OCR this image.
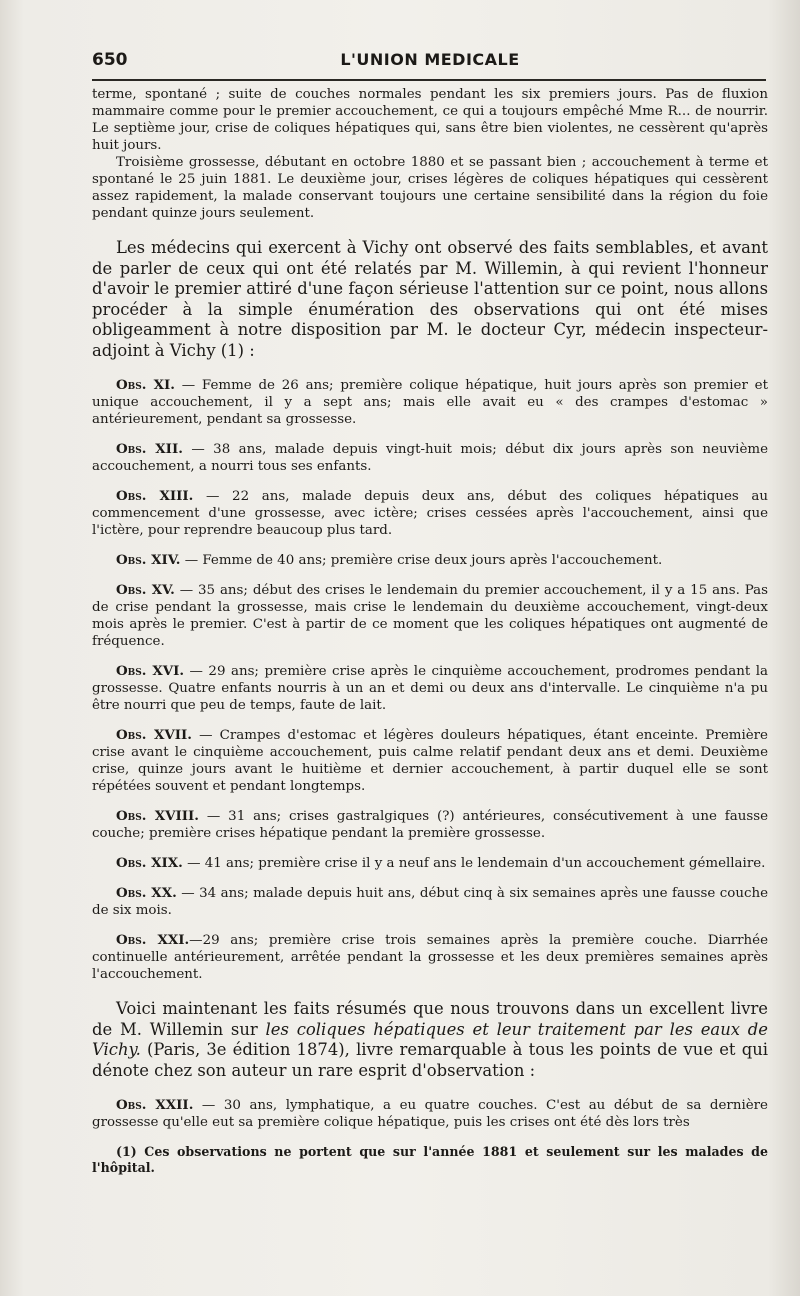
650	L'UNION MEDICALE

terme, spontané ; suite de couches normales pendant les six premiers jours. Pas de fluxion mammaire comme pour le premier accouchement, ce qui a toujours empêché Mme R... de nourrir. Le septième jour, crise de coliques hépatiques qui, sans être bien violentes, ne cessèrent qu'après huit jours.

Troisième grossesse, débutant en octobre 1880 et se passant bien ; accouchement à terme et spontané le 25 juin 1881. Le deuxième jour, crises légères de coliques hépatiques qui cessèrent assez rapidement, la malade conservant toujours une certaine sensibilité dans la région du foie pendant quinze jours seulement.

Les médecins qui exercent à Vichy ont observé des faits semblables, et avant de parler de ceux qui ont été relatés par M. Willemin, à qui revient l'honneur d'avoir le premier attiré d'une façon sérieuse l'attention sur ce point, nous allons procéder à la simple énumération des observations qui ont été mises obligeamment à notre disposition par M. le docteur Cyr, médecin inspecteur-adjoint à Vichy (1) :

Obs. XI. — Femme de 26 ans; première colique hépatique, huit jours après son premier et unique accouchement, il y a sept ans; mais elle avait eu « des crampes d'estomac » antérieurement, pendant sa grossesse.

Obs. XII. — 38 ans, malade depuis vingt-huit mois; début dix jours après son neuvième accouchement, a nourri tous ses enfants.

Obs. XIII. — 22 ans, malade depuis deux ans, début des coliques hépatiques au commencement d'une grossesse, avec ictère; crises cessées après l'accouchement, ainsi que l'ictère, pour reprendre beaucoup plus tard.

Obs. XIV. — Femme de 40 ans; première crise deux jours après l'accouchement.

Obs. XV. — 35 ans; début des crises le lendemain du premier accouchement, il y a 15 ans. Pas de crise pendant la grossesse, mais crise le lendemain du deuxième accouchement, vingt-deux mois après le premier. C'est à partir de ce moment que les coliques hépatiques ont augmenté de fréquence.

Obs. XVI. — 29 ans; première crise après le cinquième accouchement, prodromes pendant la grossesse. Quatre enfants nourris à un an et demi ou deux ans d'intervalle. Le cinquième n'a pu être nourri que peu de temps, faute de lait.

Obs. XVII. — Crampes d'estomac et légères douleurs hépatiques, étant enceinte. Première crise avant le cinquième accouchement, puis calme relatif pendant deux ans et demi. Deuxième crise, quinze jours avant le huitième et dernier accouchement, à partir duquel elle se sont répétées souvent et pendant longtemps.

Obs. XVIII. — 31 ans; crises gastralgiques (?) antérieures, consécutivement à une fausse couche; première crises hépatique pendant la première grossesse.

Obs. XIX. — 41 ans; première crise il y a neuf ans le lendemain d'un accouchement gémellaire.

Obs. XX. — 34 ans; malade depuis huit ans, début cinq à six semaines après une fausse couche de six mois.

Obs. XXI.—29 ans; première crise trois semaines après la première couche. Diarrhée continuelle antérieurement, arrêtée pendant la grossesse et les deux premières semaines après l'accouchement.

Voici maintenant les faits résumés que nous trouvons dans un excellent livre de M. Willemin sur les coliques hépatiques et leur traitement par les eaux de Vichy. (Paris, 3e édition 1874), livre remarquable à tous les points de vue et qui dénote chez son auteur un rare esprit d'observation :

Obs. XXII. — 30 ans, lymphatique, a eu quatre couches. C'est au début de sa dernière grossesse qu'elle eut sa première colique hépatique, puis les crises ont été dès lors très

(1) Ces observations ne portent que sur l'année 1881 et seulement sur les malades de l'hôpital.
